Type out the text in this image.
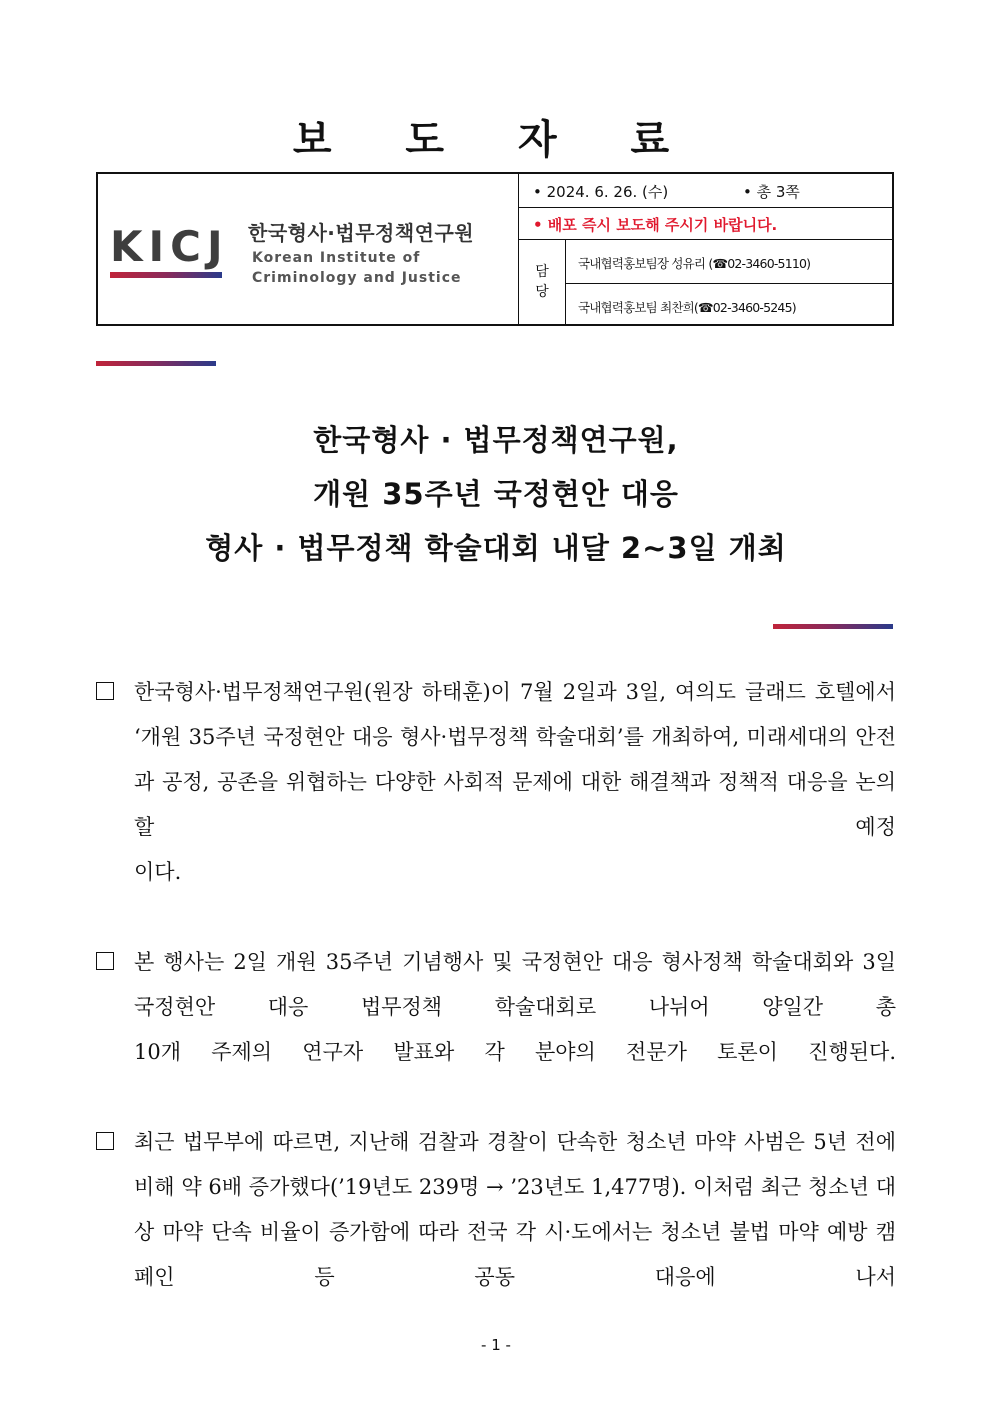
보 도 자 료
KICJ 한국형사·법무정책연구원
Korean Institute of
Criminology and Justice
• 2024. 6. 26. (수)	• 총 3쪽
• 배포 즉시 보도해 주시기 바랍니다.
담
당
국내협력홍보팀장 성유리 (☎02-3460-5110)
국내협력홍보팀 최찬희(☎02-3460-5245)
한국형사 · 법무정책연구원,
개원 35주년 국정현안 대응
형사 · 법무정책 학술대회 내달 2~3일 개최
한국형사·법무정책연구원(원장 하태훈)이 7월 2일과 3일, 여의도 글래드 호텔에서 ‘개원 35주년 국정현안 대응 형사·법무정책 학술대회’를 개최하여, 미래세대의 안전과 공정, 공존을 위협하는 다양한 사회적 문제에 대한 해결책과 정책적 대응을 논의할 예정
이다.
본 행사는 2일 개원 35주년 기념행사 및 국정현안 대응 형사정책 학술대회와 3일 국정현안 대응 법무정책 학술대회로 나뉘어 양일간 총
10개 주제의 연구자 발표와 각 분야의 전문가 토론이 진행된다.
최근 법무부에 따르면, 지난해 검찰과 경찰이 단속한 청소년 마약 사범은 5년 전에 비해 약 6배 증가했다(’19년도 239명 → ’23년도 1,477명). 이처럼 최근 청소년 대상 마약 단속 비율이 증가함에 따라 전국 각 시·도에서는 청소년 불법 마약 예방 캠페인 등 공동 대응에 나서
- 1 -
